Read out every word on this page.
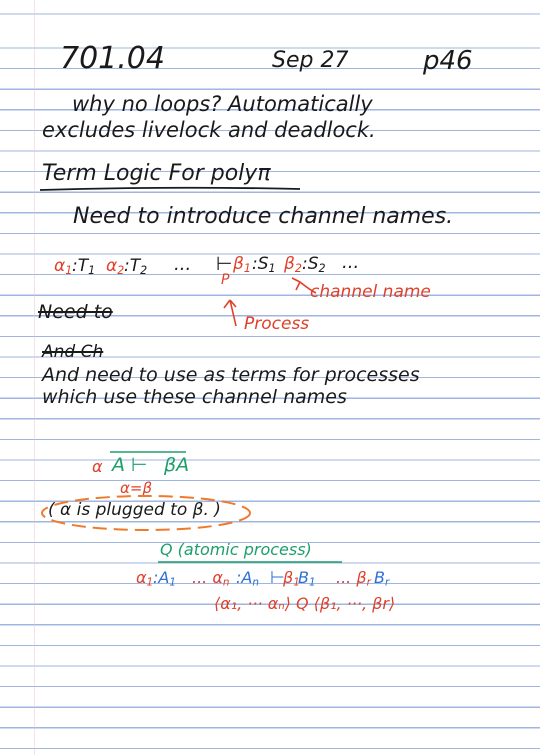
701.04	Sep 27	p46
why no loops? Automatically
excludes livelock and deadlock.
Term Logic For polyπ
Need to introduce channel names.
$\alpha_1$ $:T_1$ $\alpha_2$ $:T_2$ ... ⊢
P
$\beta_1$ $:S_1$ $\beta_2$ $:S_2$ ...
channel name
Process
Need to
And Ch
And need to use as terms for processes
which use these channel names
α A ⊢ βA
α=β
( α is plugged to β. )
Q (atomic process)
$\alpha_1$ $:A_1$ ... $\alpha_n$ $:A_n$ ⊢
$\beta_1$
$B_1$ ... $\beta_r$ $B_r$
⟨α₁, ··· αₙ⟩ Q ⟨β₁, ···, βr⟩
